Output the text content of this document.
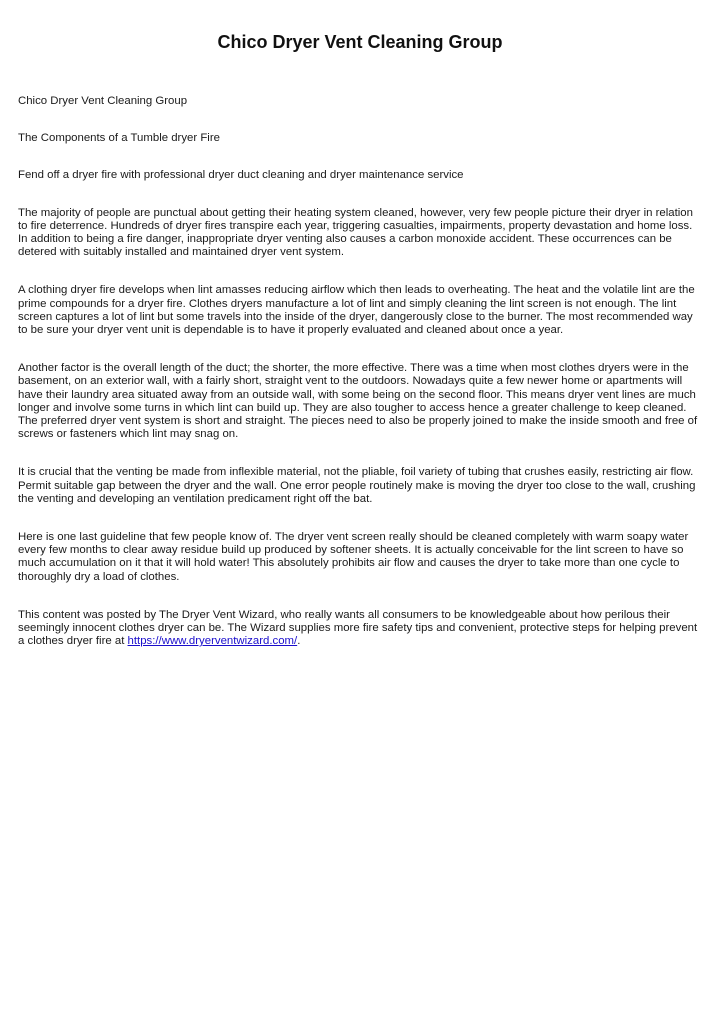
Chico Dryer Vent Cleaning Group

Chico Dryer Vent Cleaning Group

The Components of a Tumble dryer Fire

Fend off a dryer fire with professional dryer duct cleaning and dryer maintenance service

The majority of people are punctual about getting their heating system cleaned, however, very few people picture their dryer in relation to fire deterrence. Hundreds of dryer fires transpire each year, triggering casualties, impairments, property devastation and home loss. In addition to being a fire danger, inappropriate dryer venting also causes a carbon monoxide accident. These occurrences can be detered with suitably installed and maintained dryer vent system.

A clothing dryer fire develops when lint amasses reducing airflow which then leads to overheating. The heat and the volatile lint are the prime compounds for a dryer fire. Clothes dryers manufacture a lot of lint and simply cleaning the lint screen is not enough. The lint screen captures a lot of lint but some travels into the inside of the dryer, dangerously close to the burner. The most recommended way to be sure your dryer vent unit is dependable is to have it properly evaluated and cleaned about once a year.

Another factor is the overall length of the duct; the shorter, the more effective. There was a time when most clothes dryers were in the basement, on an exterior wall, with a fairly short, straight vent to the outdoors. Nowadays quite a few newer home or apartments will have their laundry area situated away from an outside wall, with some being on the second floor. This means dryer vent lines are much longer and involve some turns in which lint can build up. They are also tougher to access hence a greater challenge to keep cleaned. The preferred dryer vent system is short and straight. The pieces need to also be properly joined to make the inside smooth and free of screws or fasteners which lint may snag on.

It is crucial that the venting be made from inflexible material, not the pliable, foil variety of tubing that crushes easily, restricting air flow. Permit suitable gap between the dryer and the wall. One error people routinely make is moving the dryer too close to the wall, crushing the venting and developing an ventilation predicament right off the bat.

Here is one last guideline that few people know of. The dryer vent screen really should be cleaned completely with warm soapy water every few months to clear away residue build up produced by softener sheets. It is actually conceivable for the lint screen to have so much accumulation on it that it will hold water! This absolutely prohibits air flow and causes the dryer to take more than one cycle to thoroughly dry a load of clothes.

This content was posted by The Dryer Vent Wizard, who really wants all consumers to be knowledgeable about how perilous their seemingly innocent clothes dryer can be. The Wizard supplies more fire safety tips and convenient, protective steps for helping prevent a clothes dryer fire at https://www.dryerventwizard.com/.
